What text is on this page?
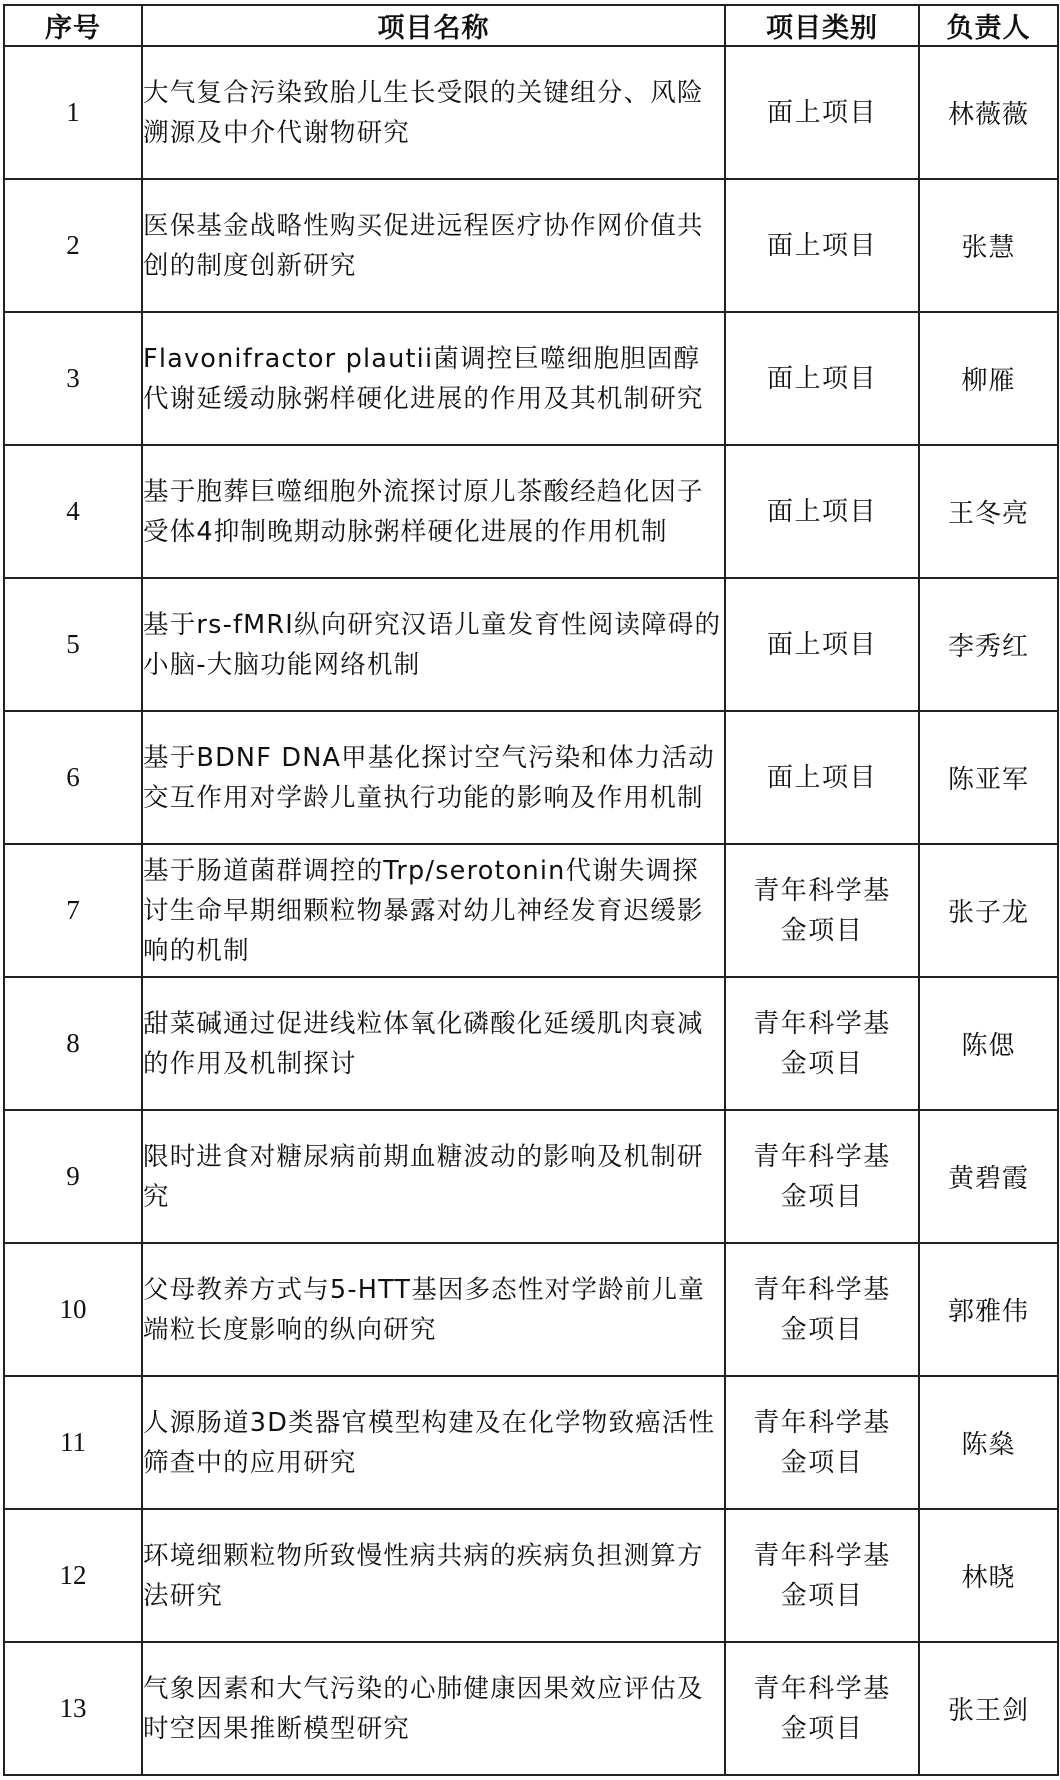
序号	项目名称	项目类别	负责人
1	大气复合污染致胎儿生长受限的关键组分、风险溯源及中介代谢物研究	面上项目	林薇薇
2	医保基金战略性购买促进远程医疗协作网价值共创的制度创新研究	面上项目	张慧
3	Flavonifractor plautii菌调控巨噬细胞胆固醇代谢延缓动脉粥样硬化进展的作用及其机制研究	面上项目	柳雁
4	基于胞葬巨噬细胞外流探讨原儿茶酸经趋化因子受体4抑制晚期动脉粥样硬化进展的作用机制	面上项目	王冬亮
5	基于rs-fMRI纵向研究汉语儿童发育性阅读障碍的小脑-大脑功能网络机制	面上项目	李秀红
6	基于BDNF DNA甲基化探讨空气污染和体力活动交互作用对学龄儿童执行功能的影响及作用机制	面上项目	陈亚军
7	基于肠道菌群调控的Trp/serotonin代谢失调探讨生命早期细颗粒物暴露对幼儿神经发育迟缓影响的机制	青年科学基金项目	张子龙
8	甜菜碱通过促进线粒体氧化磷酸化延缓肌肉衰减的作用及机制探讨	青年科学基金项目	陈偲
9	限时进食对糖尿病前期血糖波动的影响及机制研究	青年科学基金项目	黄碧霞
10	父母教养方式与5-HTT基因多态性对学龄前儿童端粒长度影响的纵向研究	青年科学基金项目	郭雅伟
11	人源肠道3D类器官模型构建及在化学物致癌活性筛查中的应用研究	青年科学基金项目	陈燊
12	环境细颗粒物所致慢性病共病的疾病负担测算方法研究	青年科学基金项目	林晓
13	气象因素和大气污染的心肺健康因果效应评估及时空因果推断模型研究	青年科学基金项目	张王剑
